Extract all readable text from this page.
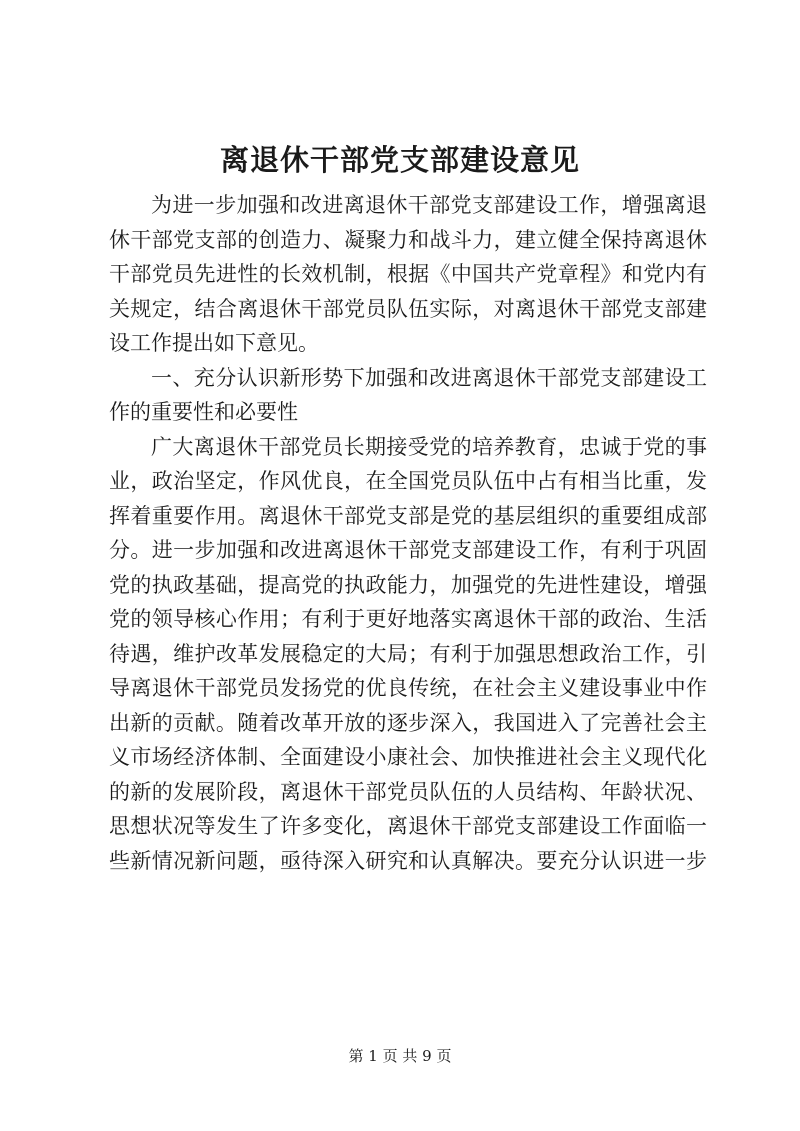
离退休干部党支部建设意见
为进一步加强和改进离退休干部党支部建设工作，增强离退
休干部党支部的创造力、凝聚力和战斗力，建立健全保持离退休
干部党员先进性的长效机制，根据《中国共产党章程》和党内有
关规定，结合离退休干部党员队伍实际，对离退休干部党支部建
设工作提出如下意见。
一、充分认识新形势下加强和改进离退休干部党支部建设工
作的重要性和必要性
广大离退休干部党员长期接受党的培养教育，忠诚于党的事
业，政治坚定，作风优良，在全国党员队伍中占有相当比重，发
挥着重要作用。离退休干部党支部是党的基层组织的重要组成部
分。进一步加强和改进离退休干部党支部建设工作，有利于巩固
党的执政基础，提高党的执政能力，加强党的先进性建设，增强
党的领导核心作用；有利于更好地落实离退休干部的政治、生活
待遇，维护改革发展稳定的大局；有利于加强思想政治工作，引
导离退休干部党员发扬党的优良传统，在社会主义建设事业中作
出新的贡献。随着改革开放的逐步深入，我国进入了完善社会主
义市场经济体制、全面建设小康社会、加快推进社会主义现代化
的新的发展阶段，离退休干部党员队伍的人员结构、年龄状况、
思想状况等发生了许多变化，离退休干部党支部建设工作面临一
些新情况新问题，亟待深入研究和认真解决。要充分认识进一步
第 1 页 共 9 页
